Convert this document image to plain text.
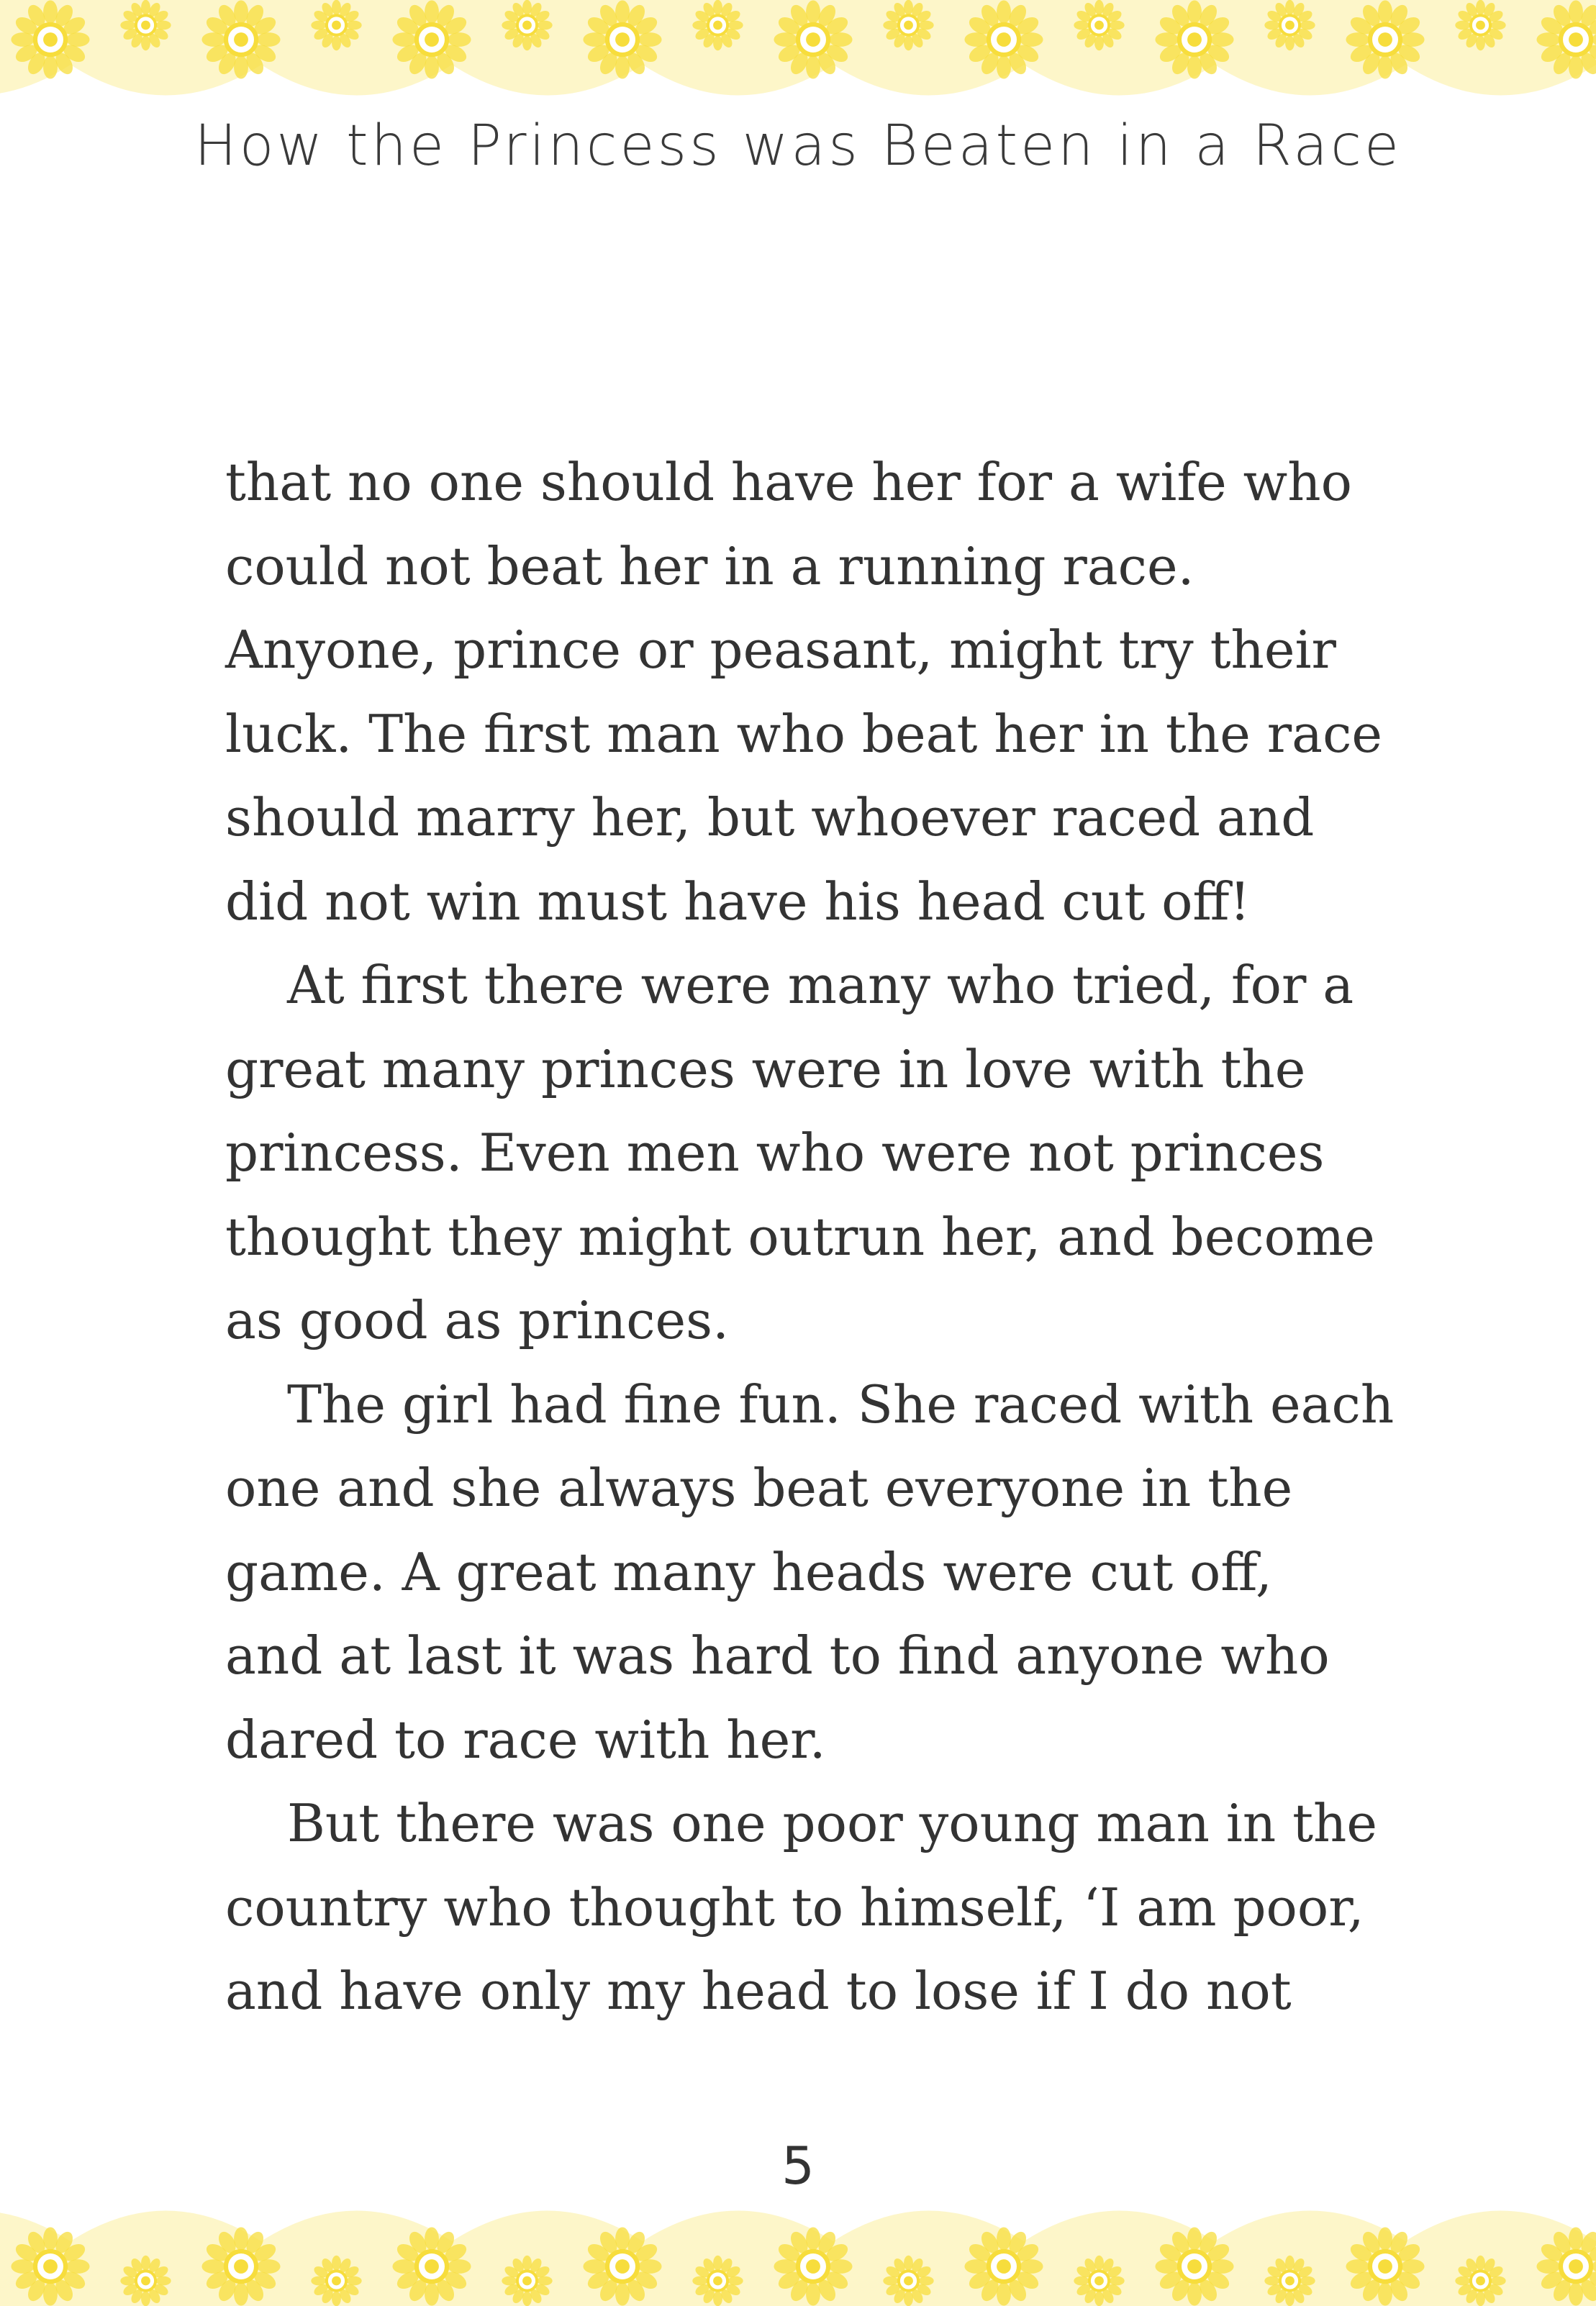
How the Princess was Beaten in a Race
that no one should have her for a wife who
could not beat her in a running race.
Anyone, prince or peasant, might try their
luck. The first man who beat her in the race
should marry her, but whoever raced and
did not win must have his head cut off!
At first there were many who tried, for a
great many princes were in love with the
princess. Even men who were not princes
thought they might outrun her, and become
as good as princes.
The girl had fine fun. She raced with each
one and she always beat everyone in the
game. A great many heads were cut off,
and at last it was hard to find anyone who
dared to race with her.
But there was one poor young man in the
country who thought to himself, ‘I am poor,
and have only my head to lose if I do not
5
